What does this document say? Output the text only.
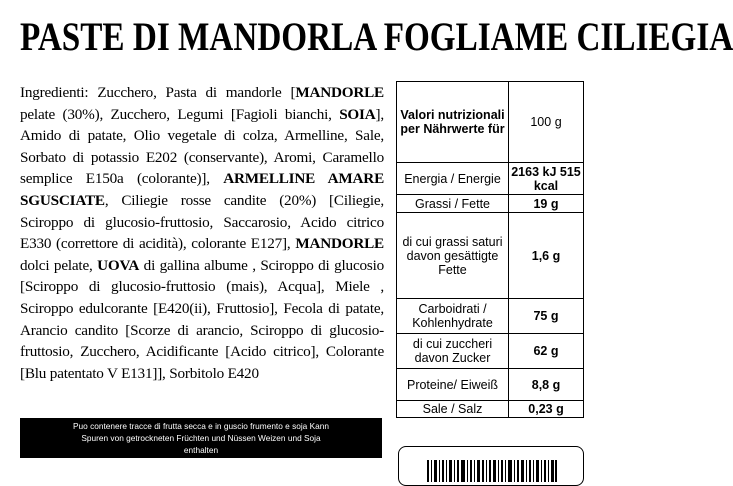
PASTE DI MANDORLA FOGLIAME CILIEGIA
Ingredienti: Zucchero, Pasta di mandorle [MANDORLE pelate (30%), Zucchero, Legumi [Fagioli bianchi, SOIA], Amido di patate, Olio vegetale di colza, Armelline, Sale, Sorbato di potassio E202 (conservante), Aromi, Caramello semplice E150a (colorante)], ARMELLINE AMARE SGUSCIATE, Ciliegie rosse candite (20%) [Ciliegie, Sciroppo di glucosio-fruttosio, Saccarosio, Acido citrico E330 (correttore di acidità), colorante E127], MANDORLE dolci pelate, UOVA di gallina albume , Sciroppo di glucosio [Sciroppo di glucosio-fruttosio (mais), Acqua], Miele , Sciroppo edulcorante [E420(ii), Fruttosio], Fecola di patate, Arancio candito [Scorze di arancio, Sciroppo di glucosio-fruttosio, Zucchero, Acidificante [Acido citrico], Colorante [Blu patentato V E131]], Sorbitolo E420
Puo contenere tracce di frutta secca e in guscio frumento e soja Kann
Spuren von getrockneten Früchten und Nüssen Weizen und Soja
enthalten
Valori nutrizionali per Nährwerte für	100 g
Energia / Energie	2163 kJ 515 kcal
Grassi / Fette	19 g
di cui grassi saturi davon gesättigte Fette	1,6 g
Carboidrati / Kohlenhydrate	75 g
di cui zuccheri davon Zucker	62 g
Proteine/ Eiweiß	8,8 g
Sale / Salz	0,23 g
